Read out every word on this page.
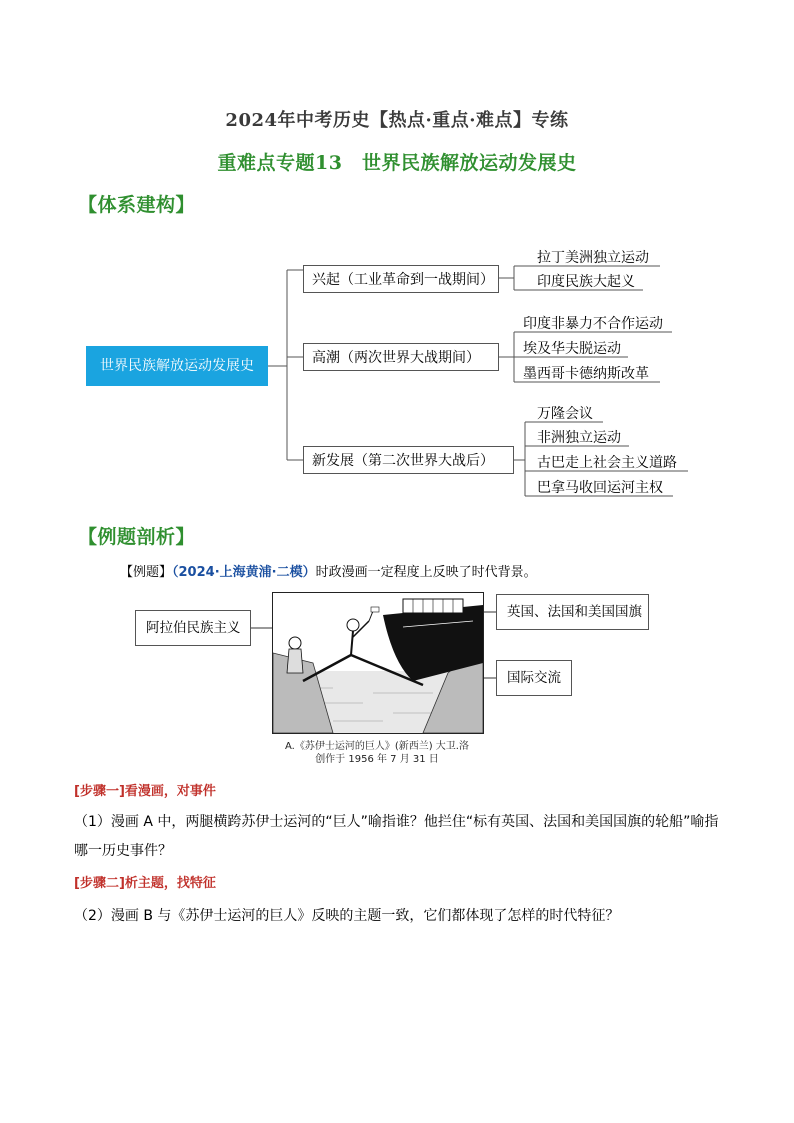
2024年中考历史【热点·重点·难点】专练
重难点专题13　世界民族解放运动发展史
【体系建构】
世界民族解放运动发展史
兴起（工业革命到一战期间）
高潮（两次世界大战期间）
新发展（第二次世界大战后）
拉丁美洲独立运动
印度民族大起义
印度非暴力不合作运动
埃及华夫脱运动
墨西哥卡德纳斯改革
万隆会议
非洲独立运动
古巴走上社会主义道路
巴拿马收回运河主权
【例题剖析】
【例题】（2024·上海黄浦·二模）时政漫画一定程度上反映了时代背景。
阿拉伯民族主义
英国、法国和美国国旗
国际交流
A.《苏伊士运河的巨人》(新西兰) 大卫.洛
创作于 1956 年 7 月 31 日
[步骤一]看漫画，对事件
（1）漫画 A 中，两腿横跨苏伊士运河的“巨人”喻指谁？他拦住“标有英国、法国和美国国旗的轮船”喻指
哪一历史事件？
[步骤二]析主题，找特征
（2）漫画 B 与《苏伊士运河的巨人》反映的主题一致，它们都体现了怎样的时代特征？
